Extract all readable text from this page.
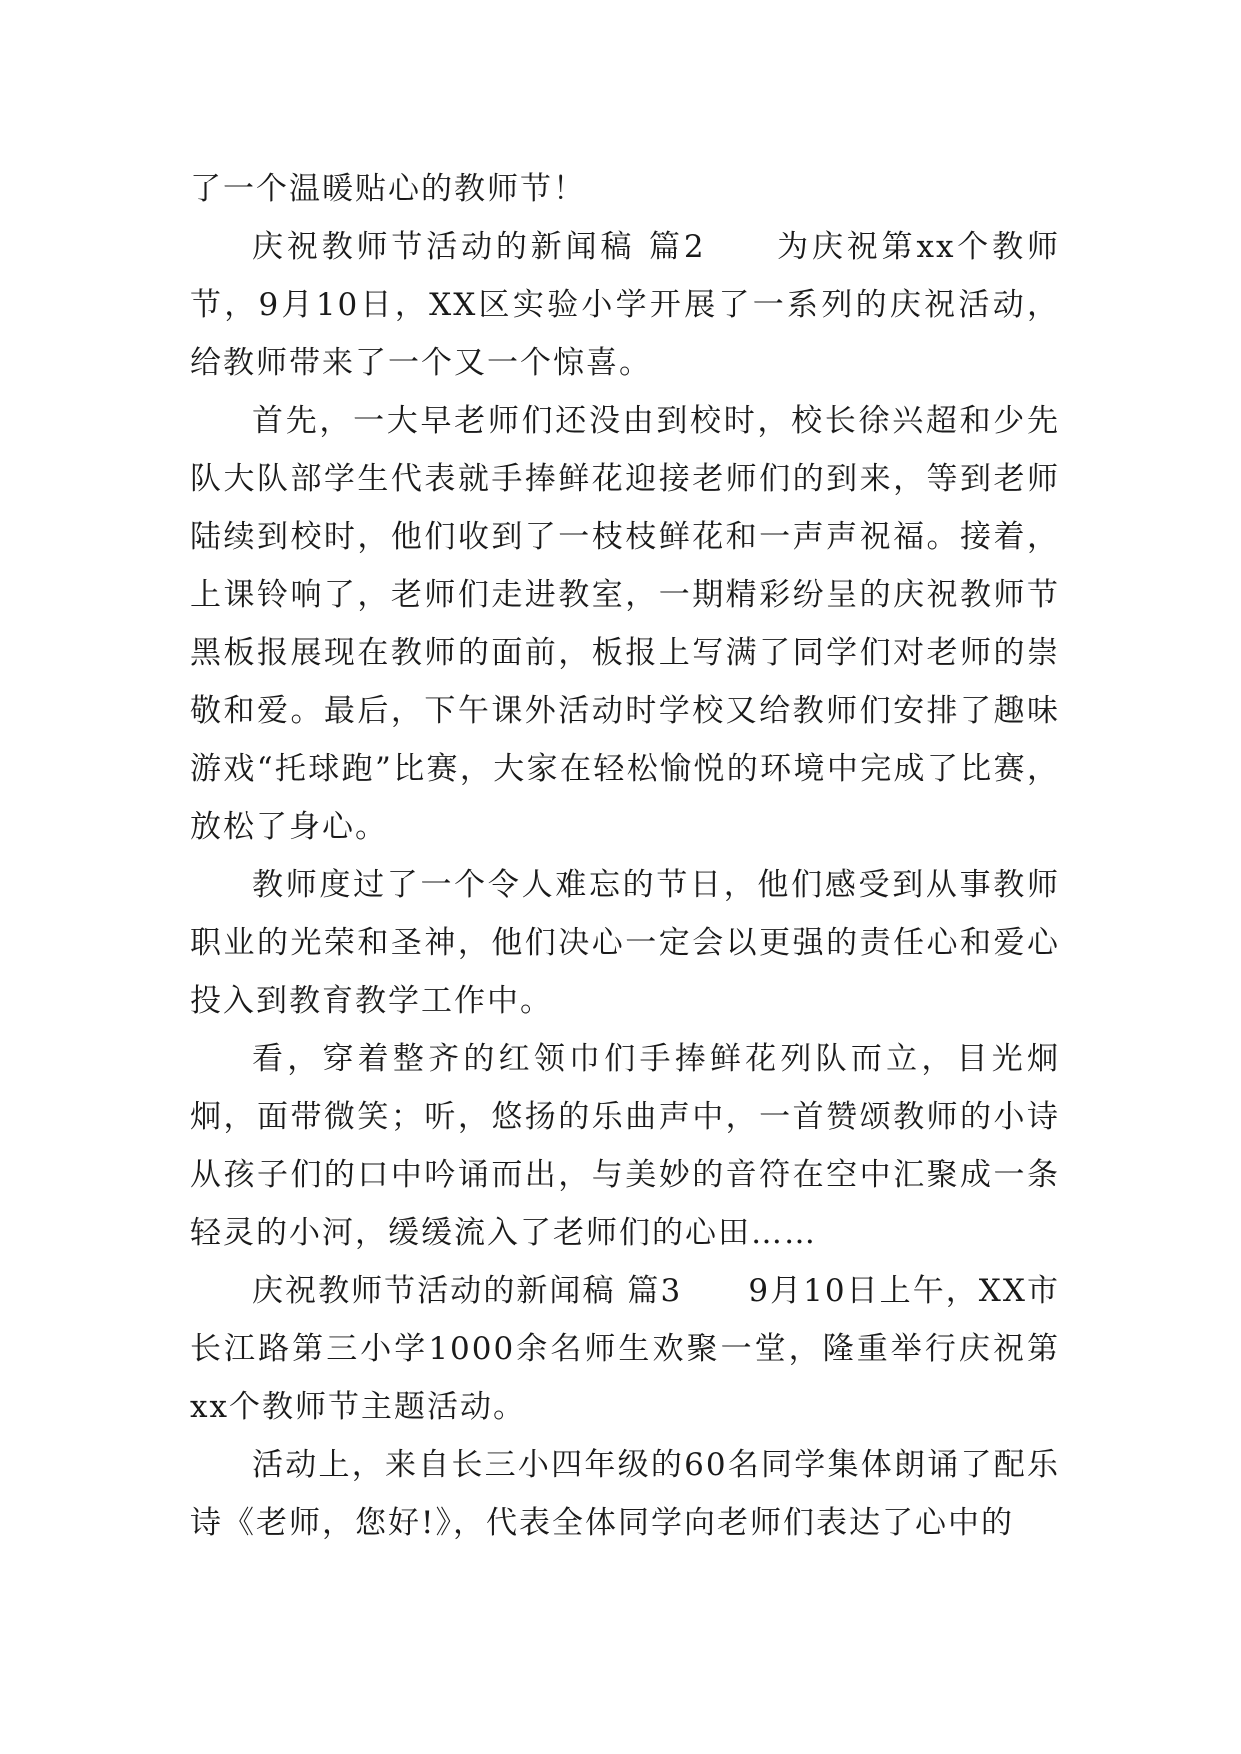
了一个温暖贴心的教师节！

庆祝教师节活动的新闻稿 篇2　　为庆祝第xx个教师节，9月10日，XX区实验小学开展了一系列的庆祝活动，给教师带来了一个又一个惊喜。

首先，一大早老师们还没由到校时，校长徐兴超和少先队大队部学生代表就手捧鲜花迎接老师们的到来，等到老师陆续到校时，他们收到了一枝枝鲜花和一声声祝福。接着，上课铃响了，老师们走进教室，一期精彩纷呈的庆祝教师节黑板报展现在教师的面前，板报上写满了同学们对老师的崇敬和爱。最后，下午课外活动时学校又给教师们安排了趣味游戏“托球跑”比赛，大家在轻松愉悦的环境中完成了比赛，放松了身心。

教师度过了一个令人难忘的节日，他们感受到从事教师职业的光荣和圣神，他们决心一定会以更强的责任心和爱心投入到教育教学工作中。

看，穿着整齐的红领巾们手捧鲜花列队而立，目光炯炯，面带微笑；听，悠扬的乐曲声中，一首赞颂教师的小诗从孩子们的口中吟诵而出，与美妙的音符在空中汇聚成一条轻灵的小河，缓缓流入了老师们的心田……

庆祝教师节活动的新闻稿 篇3　　9月10日上午，XX市长江路第三小学1000余名师生欢聚一堂，隆重举行庆祝第xx个教师节主题活动。

活动上，来自长三小四年级的60名同学集体朗诵了配乐诗《老师，您好!》，代表全体同学向老师们表达了心中的
